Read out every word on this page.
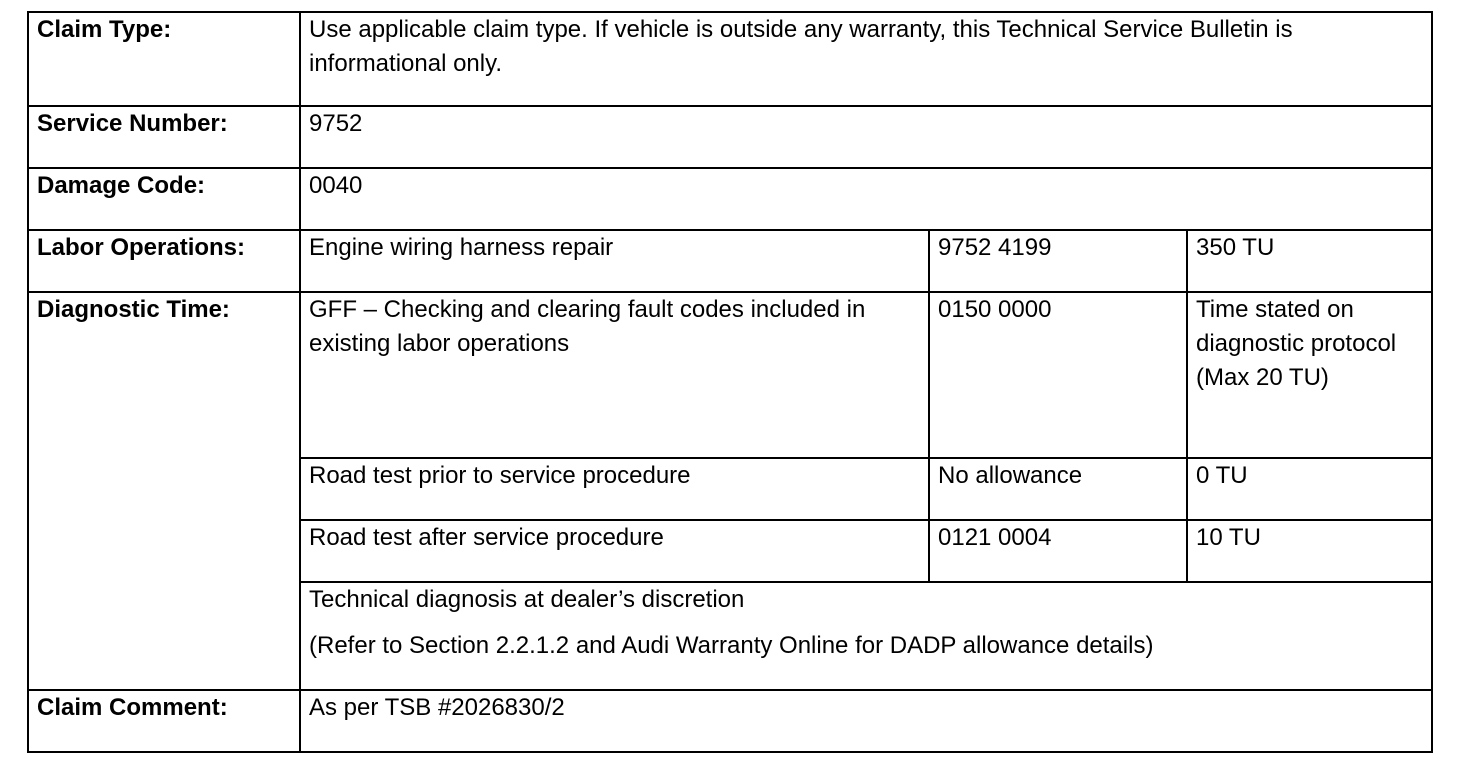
Claim Type:	Use applicable claim type. If vehicle is outside any warranty, this Technical Service Bulletin is informational only.		
Service Number:	9752		
Damage Code:	0040		
Labor Operations:	Engine wiring harness repair	9752 4199	350 TU
Diagnostic Time:	GFF – Checking and clearing fault codes included in existing labor operations	0150 0000	Time stated on diagnostic protocol (Max 20 TU)
	Road test prior to service procedure	No allowance	0 TU
	Road test after service procedure	0121 0004	10 TU

	Technical diagnosis at dealer’s discretion
(Refer to Section 2.2.1.2 and Audi Warranty Online for DADP allowance details)		

Claim Comment:	As per TSB #2026830/2		
